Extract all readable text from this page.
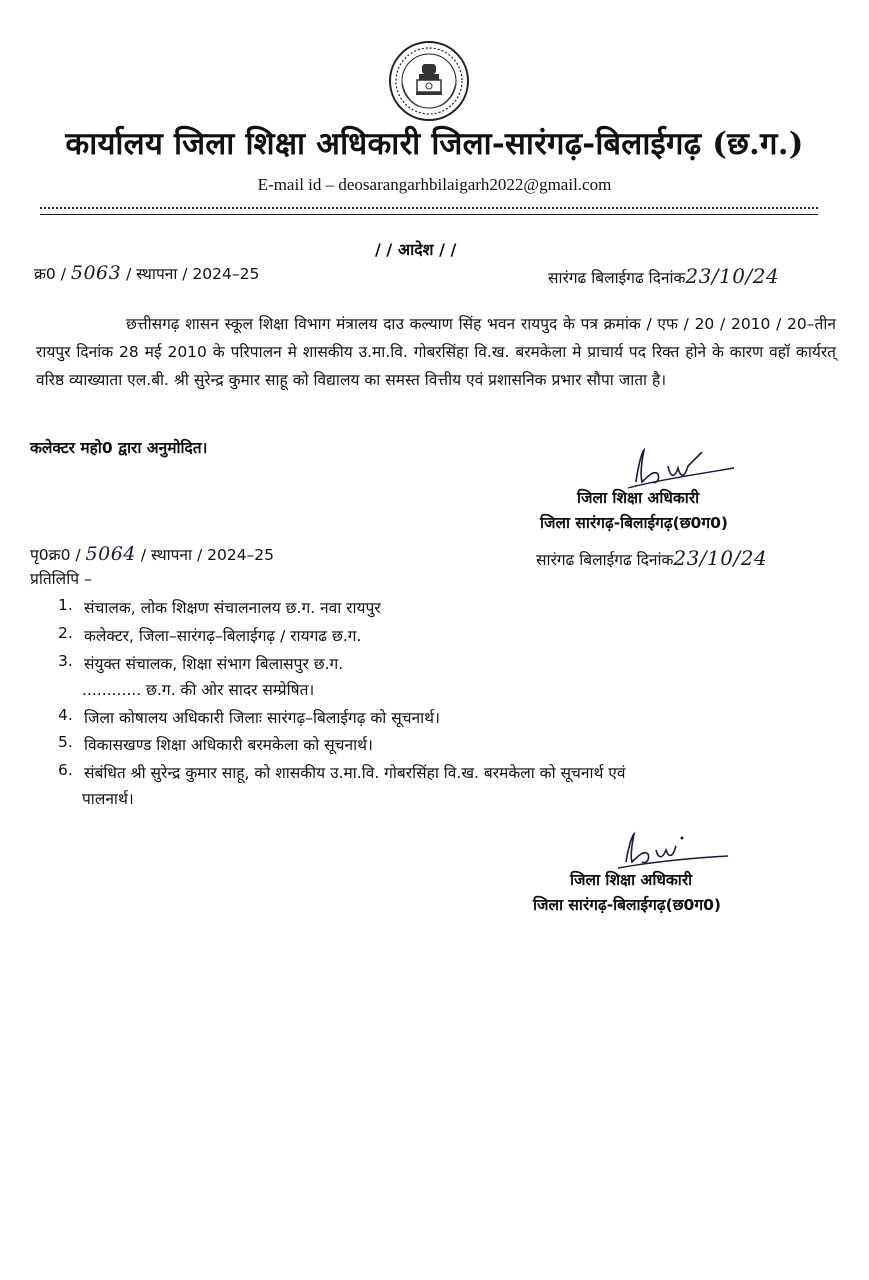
कार्यालय जिला शिक्षा अधिकारी जिला-सारंगढ़-बिलाईगढ़ (छ.ग.)
E-mail id – deosarangarhbilaigarh2022@gmail.com
/ / आदेश / /
क्र0 / 5063 / स्थापना / 2024–25	सारंगढ बिलाईगढ दिनांक23/10/24
छत्तीसगढ़ शासन स्कूल शिक्षा विभाग मंत्रालय दाउ कल्याण सिंह भवन रायपुद के पत्र क्रमांक / एफ / 20 / 2010 / 20–तीन रायपुर दिनांक 28 मई 2010 के परिपालन मे शासकीय उ.मा.वि. गोबरसिंहा वि.ख. बरमकेला मे प्राचार्य पद रिक्त होने के कारण वहॉ कार्यरत् वरिष्ठ व्याख्याता एल.बी. श्री सुरेन्द्र कुमार साहू को विद्यालय का समस्त वित्तीय एवं प्रशासनिक प्रभार सौपा जाता है।
कलेक्टर महो0 द्वारा अनुमोदित।
जिला शिक्षा अधिकारी
जिला सारंगढ़-बिलाईगढ़(छ0ग0)
पृ0क्र0 / 5064 / स्थापना / 2024–25	सारंगढ बिलाईगढ दिनांक23/10/24
प्रतिलिपि –
1. संचालक, लोक शिक्षण संचालनालय छ.ग. नवा रायपुर
2. कलेक्टर, जिला–सारंगढ़–बिलाईगढ़ / रायगढ छ.ग.
3. संयुक्त संचालक, शिक्षा संभाग बिलासपुर छ.ग.
............ छ.ग. की ओर सादर सम्प्रेषित।
4. जिला कोषालय अधिकारी जिलाः सारंगढ़–बिलाईगढ़ को सूचनार्थ।
5. विकासखण्ड शिक्षा अधिकारी बरमकेला को सूचनार्थ।
6. संबंधित श्री सुरेन्द्र कुमार साहू, को शासकीय उ.मा.वि. गोबरसिंहा वि.ख. बरमकेला को सूचनार्थ एवं
पालनार्थ।
जिला शिक्षा अधिकारी
जिला सारंगढ़-बिलाईगढ़(छ0ग0)
